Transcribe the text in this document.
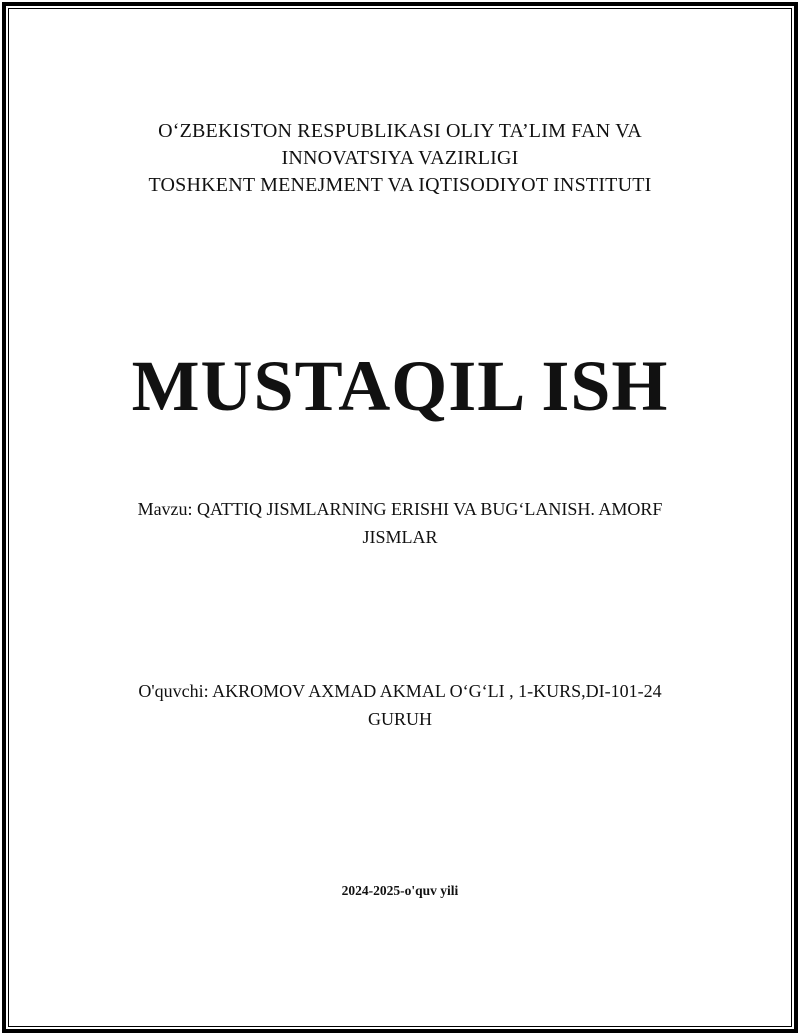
O‘ZBEKISTON RESPUBLIKASI OLIY TA’LIM FAN VA
INNOVATSIYA VAZIRLIGI
TOSHKENT MENEJMENT VA IQTISODIYOT INSTITUTI
MUSTAQIL ISH
Mavzu: QATTIQ JISMLARNING ERISHI VA BUG‘LANISH. AMORF
JISMLAR
O'quvchi: AKROMOV AXMAD AKMAL O‘G‘LI , 1-KURS,DI-101-24
GURUH
2024-2025-o'quv yili
